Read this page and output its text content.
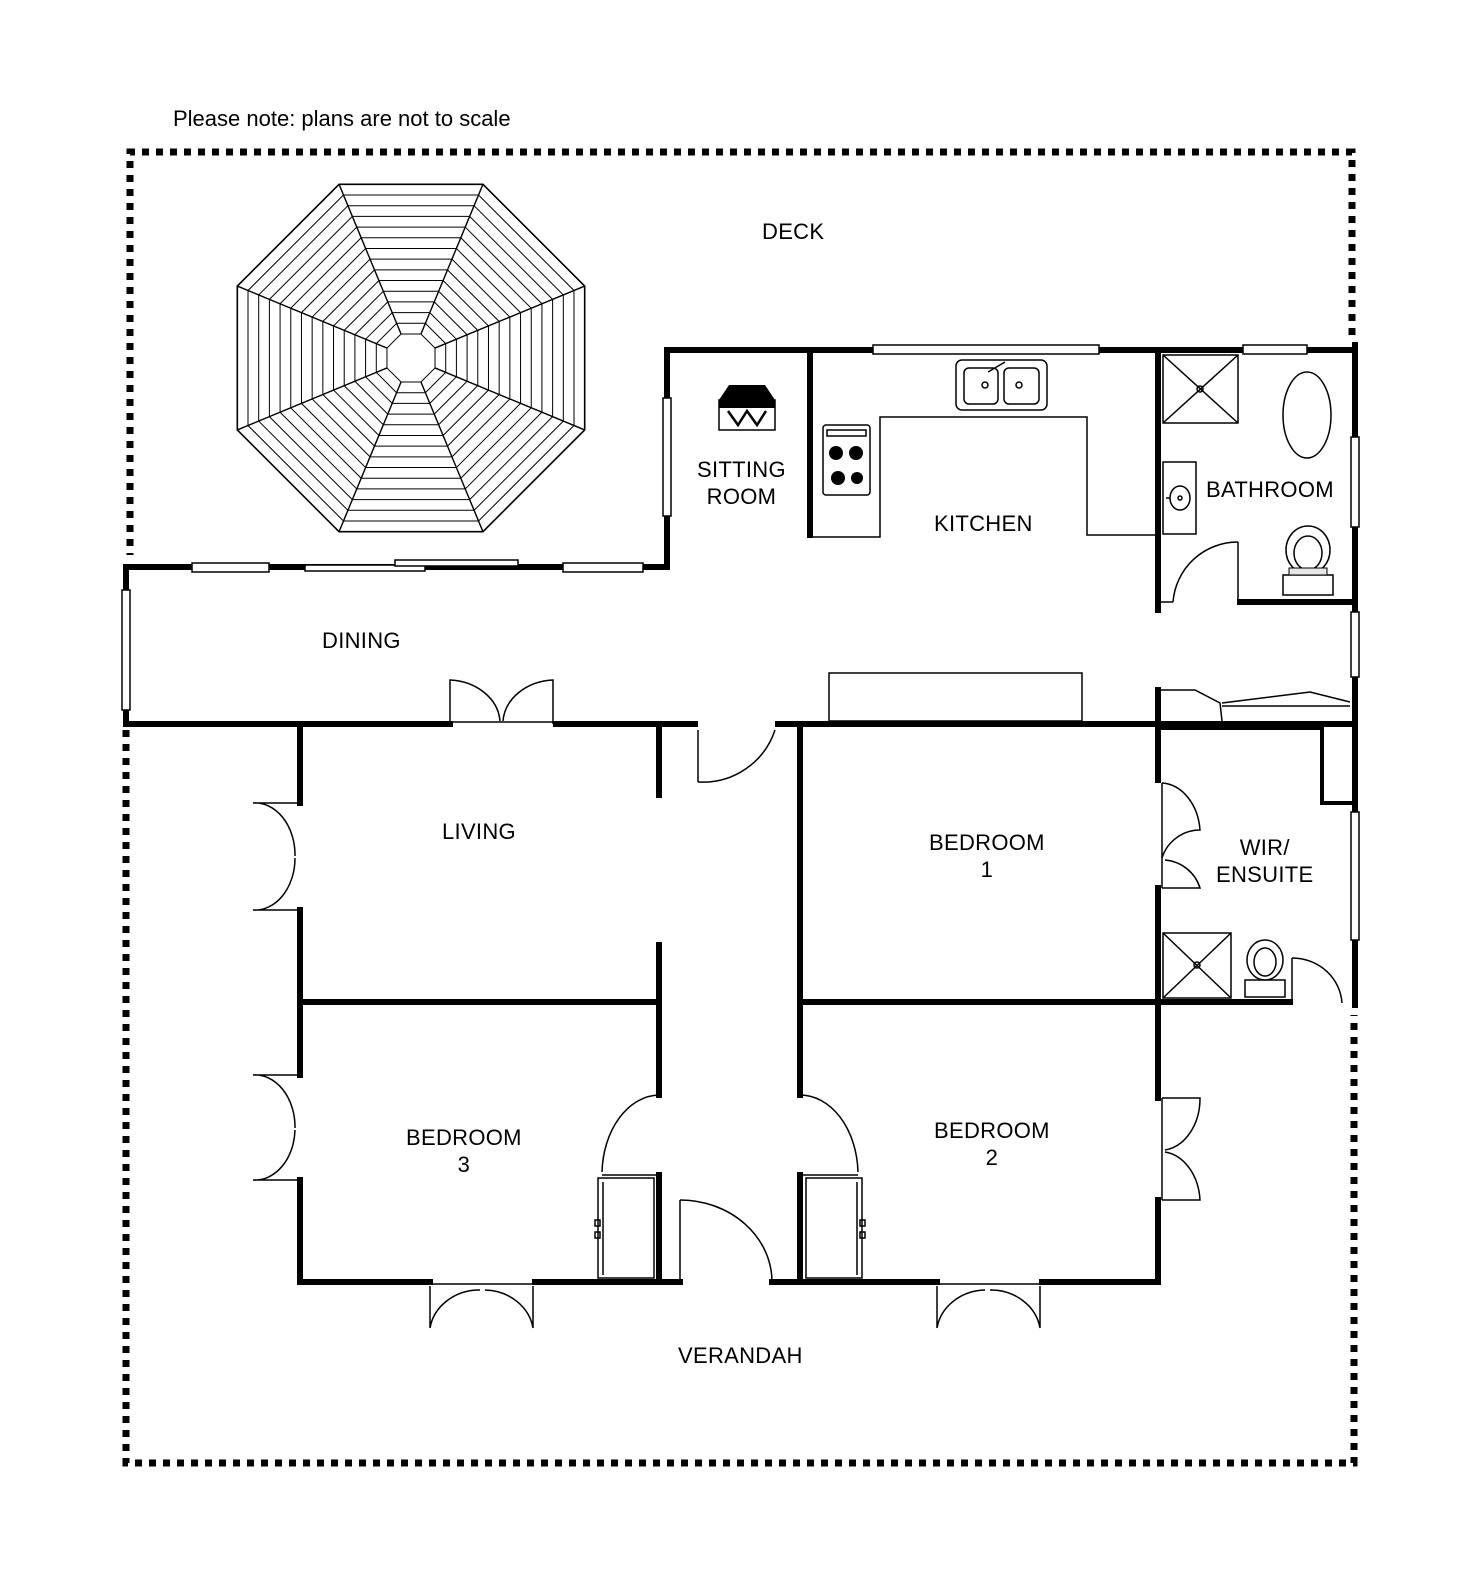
Please note: plans are not to scale
DECK
SITTING
ROOM
KITCHEN
BATHROOM
DINING
LIVING	BEDROOM
1
WIR/
ENSUITE
BEDROOM
3
BEDROOM
2
VERANDAH
